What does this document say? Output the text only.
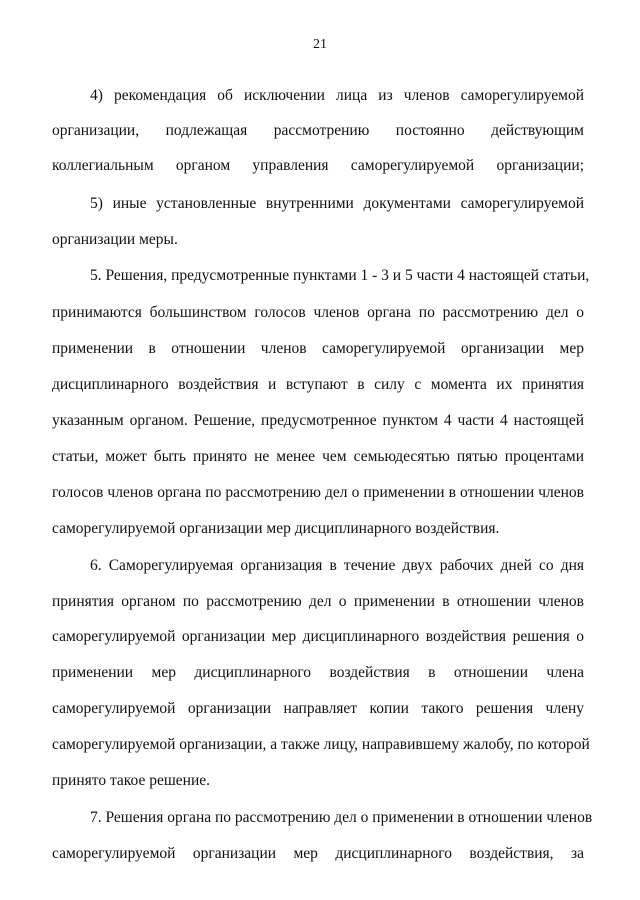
21
4) рекомендация об исключении лица из членов саморегулируемой
организации, подлежащая рассмотрению постоянно действующим
коллегиальным органом управления саморегулируемой организации;
5) иные установленные внутренними документами саморегулируемой
организации меры.
5. Решения, предусмотренные пунктами 1 - 3 и 5 части 4 настоящей статьи,
принимаются большинством голосов членов органа по рассмотрению дел о
применении в отношении членов саморегулируемой организации мер
дисциплинарного воздействия и вступают в силу с момента их принятия
указанным органом. Решение, предусмотренное пунктом 4 части 4 настоящей
статьи, может быть принято не менее чем семьюдесятью пятью процентами
голосов членов органа по рассмотрению дел о применении в отношении членов
саморегулируемой организации мер дисциплинарного воздействия.
6. Саморегулируемая организация в течение двух рабочих дней со дня
принятия органом по рассмотрению дел о применении в отношении членов
саморегулируемой организации мер дисциплинарного воздействия решения о
применении мер дисциплинарного воздействия в отношении члена
саморегулируемой организации направляет копии такого решения члену
саморегулируемой организации, а также лицу, направившему жалобу, по которой
принято такое решение.
7. Решения органа по рассмотрению дел о применении в отношении членов
саморегулируемой организации мер дисциплинарного воздействия, за
